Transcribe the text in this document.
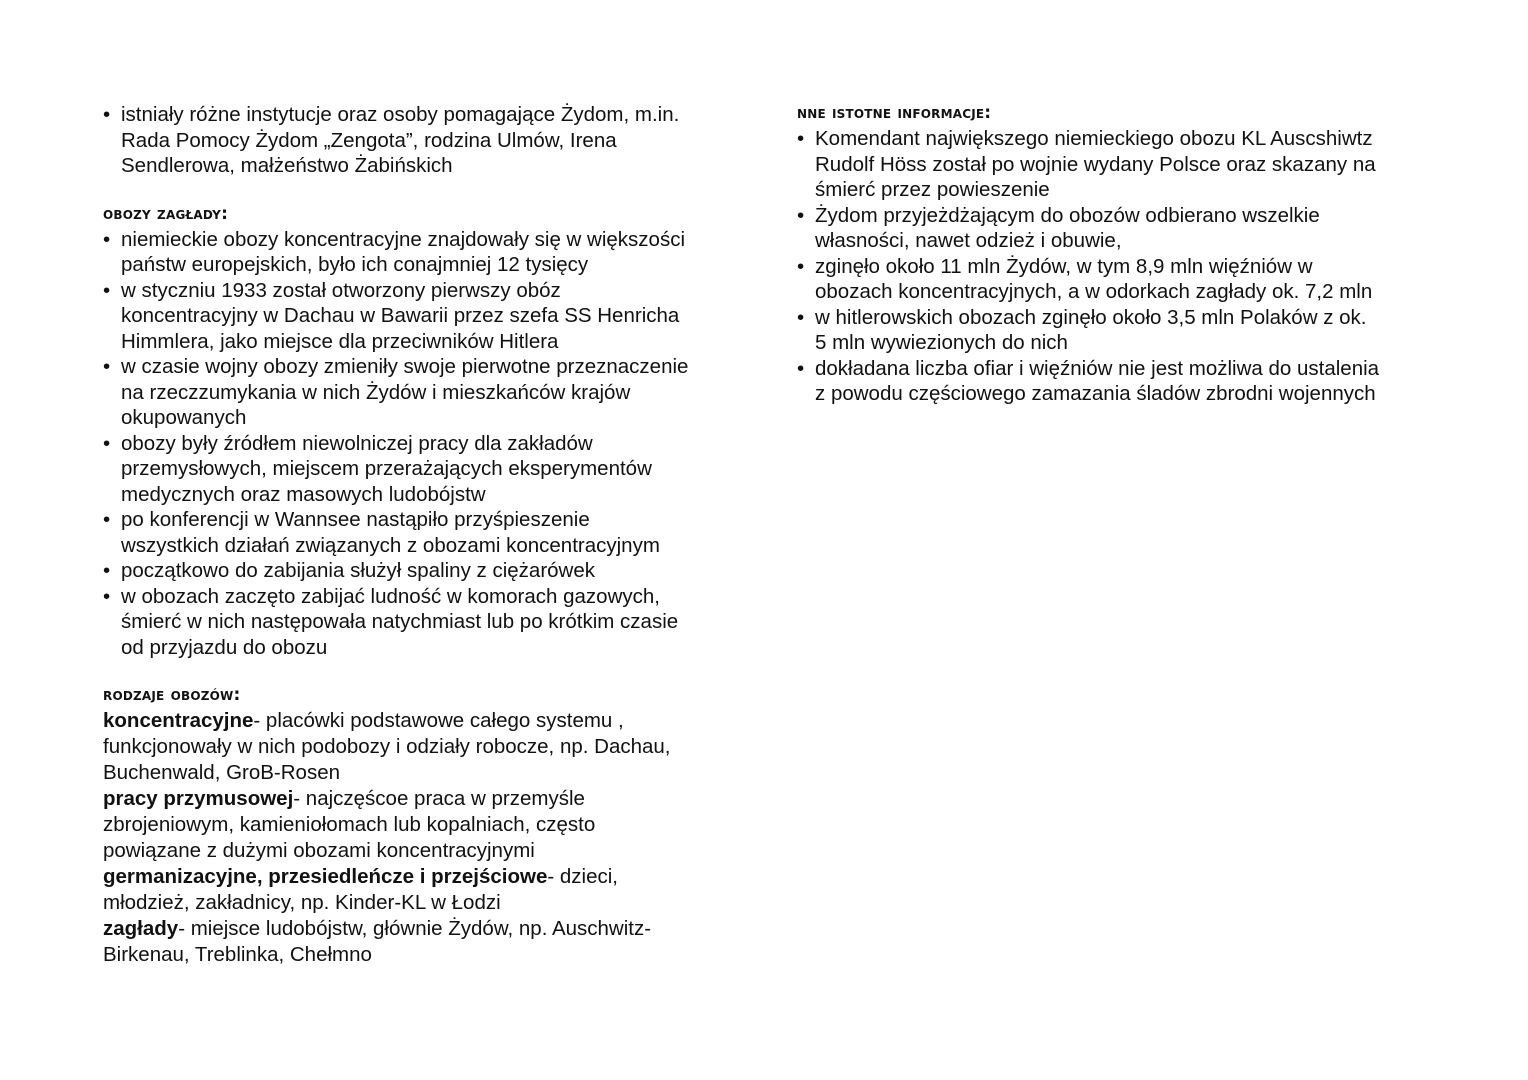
• istniały różne instytucje oraz osoby pomagające Żydom, m.in.
Rada Pomocy Żydom „Zengota”, rodzina Ulmów, Irena
Sendlerowa, małżeństwo Żabińskich
obozy zagłady:
• niemieckie obozy koncentracyjne znajdowały się w większości
państw europejskich, było ich conajmniej 12 tysięcy
• w styczniu 1933 został otworzony pierwszy obóz
koncentracyjny w Dachau w Bawarii przez szefa SS Henricha
Himmlera, jako miejsce dla przeciwników Hitlera
• w czasie wojny obozy zmieniły swoje pierwotne przeznaczenie
na rzeczzumykania w nich Żydów i mieszkańców krajów
okupowanych
• obozy były źródłem niewolniczej pracy dla zakładów
przemysłowych, miejscem przerażających eksperymentów
medycznych oraz masowych ludobójstw
• po konferencji w Wannsee nastąpiło przyśpieszenie
wszystkich działań związanych z obozami koncentracyjnym
• początkowo do zabijania służył spaliny z ciężarówek
• w obozach zaczęto zabijać ludność w komorach gazowych,
śmierć w nich następowała natychmiast lub po krótkim czasie
od przyjazdu do obozu
rodzaje obozów:

koncentracyjne- placówki podstawowe całego systemu ,
funkcjonowały w nich podobozy i odziały robocze, np. Dachau,
Buchenwald, GroB-Rosen

pracy przymusowej- najczęścoe praca w przemyśle
zbrojeniowym, kamieniołomach lub kopalniach, często
powiązane z dużymi obozami koncentracyjnymi

germanizacyjne, przesiedleńcze i przejściowe- dzieci,
młodzież, zakładnicy, np. Kinder-KL w Łodzi

zagłady- miejsce ludobójstw, głównie Żydów, np. Auschwitz-
Birkenau, Treblinka, Chełmno

nne istotne informacje:
• Komendant największego niemieckiego obozu KL Auscshiwtz
Rudolf Höss został po wojnie wydany Polsce oraz skazany na
śmierć przez powieszenie
• Żydom przyjeżdżającym do obozów odbierano wszelkie
własności, nawet odzież i obuwie,
• zginęło około 11 mln Żydów, w tym 8,9 mln więźniów w
obozach koncentracyjnych, a w odorkach zagłady ok. 7,2 mln
• w hitlerowskich obozach zginęło około 3,5 mln Polaków z ok.
5 mln wywiezionych do nich
• dokładana liczba ofiar i więźniów nie jest możliwa do ustalenia
z powodu częściowego zamazania śladów zbrodni wojennych
